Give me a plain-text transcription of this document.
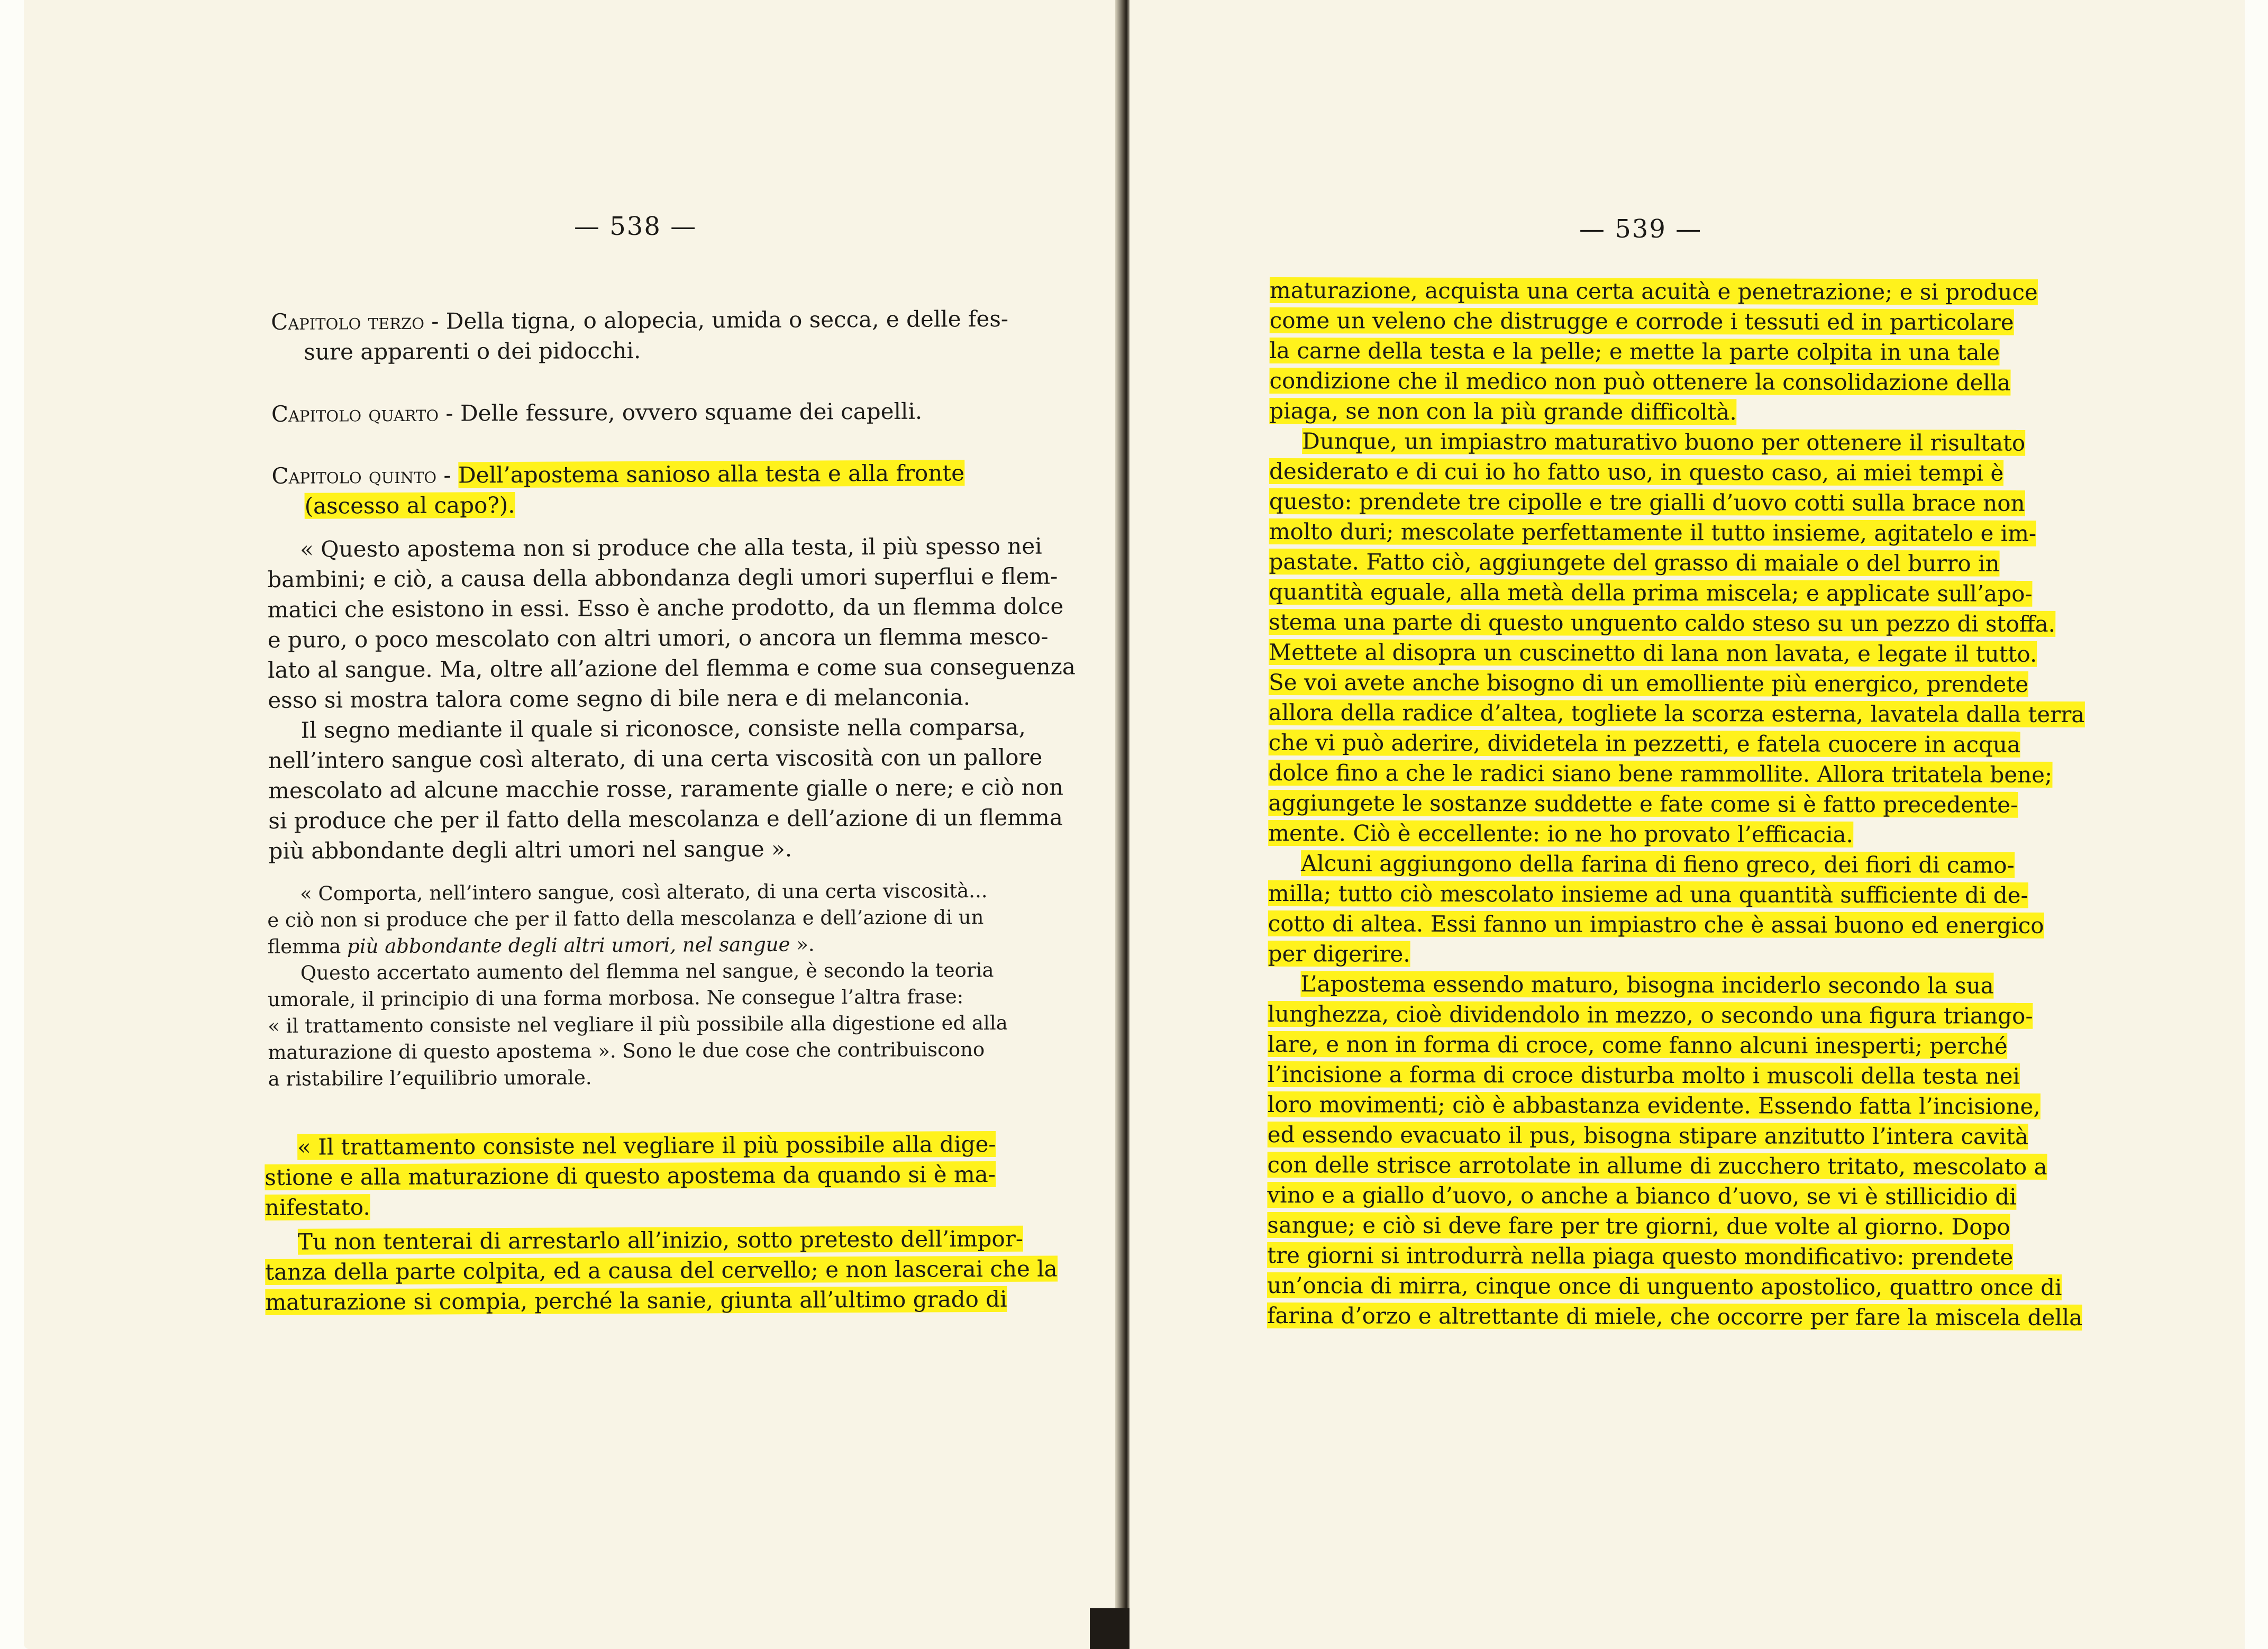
— 538 —
Capitolo terzo - Della tigna, o alopecia, umida o secca, e delle fes-
sure apparenti o dei pidocchi.
Capitolo quarto - Delle fessure, ovvero squame dei capelli.
Capitolo quinto - Dell’apostema sanioso alla testa e alla fronte
(ascesso al capo?).
« Questo apostema non si produce che alla testa, il più spesso nei
bambini; e ciò, a causa della abbondanza degli umori superflui e flem-
matici che esistono in essi. Esso è anche prodotto, da un flemma dolce
e puro, o poco mescolato con altri umori, o ancora un flemma mesco-
lato al sangue. Ma, oltre all’azione del flemma e come sua conseguenza
esso si mostra talora come segno di bile nera e di melanconia.
Il segno mediante il quale si riconosce, consiste nella comparsa,
nell’intero sangue così alterato, di una certa viscosità con un pallore
mescolato ad alcune macchie rosse, raramente gialle o nere; e ciò non
si produce che per il fatto della mescolanza e dell’azione di un flemma
più abbondante degli altri umori nel sangue ».
« Comporta, nell’intero sangue, così alterato, di una certa viscosità...
e ciò non si produce che per il fatto della mescolanza e dell’azione di un
flemma più abbondante degli altri umori, nel sangue ».
Questo accertato aumento del flemma nel sangue, è secondo la teoria
umorale, il principio di una forma morbosa. Ne consegue l’altra frase:
« il trattamento consiste nel vegliare il più possibile alla digestione ed alla
maturazione di questo apostema ». Sono le due cose che contribuiscono
a ristabilire l’equilibrio umorale.
« Il trattamento consiste nel vegliare il più possibile alla dige-
stione e alla maturazione di questo apostema da quando si è ma-
nifestato.
Tu non tenterai di arrestarlo all’inizio, sotto pretesto dell’impor-
tanza della parte colpita, ed a causa del cervello; e non lascerai che la
maturazione si compia, perché la sanie, giunta all’ultimo grado di
— 539 —
maturazione, acquista una certa acuità e penetrazione; e si produce
come un veleno che distrugge e corrode i tessuti ed in particolare
la carne della testa e la pelle; e mette la parte colpita in una tale
condizione che il medico non può ottenere la consolidazione della
piaga, se non con la più grande difficoltà.
Dunque, un impiastro maturativo buono per ottenere il risultato
desiderato e di cui io ho fatto uso, in questo caso, ai miei tempi è
questo: prendete tre cipolle e tre gialli d’uovo cotti sulla brace non
molto duri; mescolate perfettamente il tutto insieme, agitatelo e im-
pastate. Fatto ciò, aggiungete del grasso di maiale o del burro in
quantità eguale, alla metà della prima miscela; e applicate sull’apo-
stema una parte di questo unguento caldo steso su un pezzo di stoffa.
Mettete al disopra un cuscinetto di lana non lavata, e legate il tutto.
Se voi avete anche bisogno di un emolliente più energico, prendete
allora della radice d’altea, togliete la scorza esterna, lavatela dalla terra
che vi può aderire, dividetela in pezzetti, e fatela cuocere in acqua
dolce fino a che le radici siano bene rammollite. Allora tritatela bene;
aggiungete le sostanze suddette e fate come si è fatto precedente-
mente. Ciò è eccellente: io ne ho provato l’efficacia.
Alcuni aggiungono della farina di fieno greco, dei fiori di camo-
milla; tutto ciò mescolato insieme ad una quantità sufficiente di de-
cotto di altea. Essi fanno un impiastro che è assai buono ed energico
per digerire.
L’apostema essendo maturo, bisogna inciderlo secondo la sua
lunghezza, cioè dividendolo in mezzo, o secondo una figura triango-
lare, e non in forma di croce, come fanno alcuni inesperti; perché
l’incisione a forma di croce disturba molto i muscoli della testa nei
loro movimenti; ciò è abbastanza evidente. Essendo fatta l’incisione,
ed essendo evacuato il pus, bisogna stipare anzitutto l’intera cavità
con delle strisce arrotolate in allume di zucchero tritato, mescolato a
vino e a giallo d’uovo, o anche a bianco d’uovo, se vi è stillicidio di
sangue; e ciò si deve fare per tre giorni, due volte al giorno. Dopo
tre giorni si introdurrà nella piaga questo mondificativo: prendete
un’oncia di mirra, cinque once di unguento apostolico, quattro once di
farina d’orzo e altrettante di miele, che occorre per fare la miscela della
